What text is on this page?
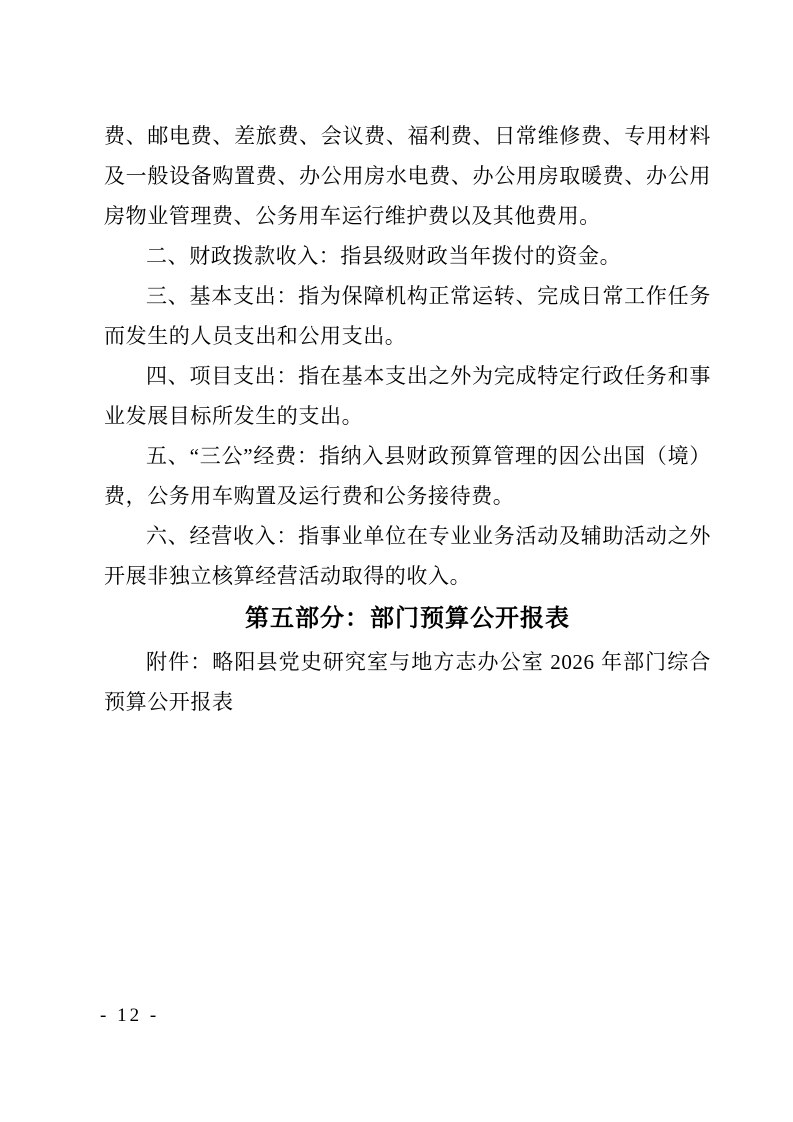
费、邮电费、差旅费、会议费、福利费、日常维修费、专用材料及一般设备购置费、办公用房水电费、办公用房取暖费、办公用房物业管理费、公务用车运行维护费以及其他费用。

二、财政拨款收入：指县级财政当年拨付的资金。

三、基本支出：指为保障机构正常运转、完成日常工作任务而发生的人员支出和公用支出。

四、项目支出：指在基本支出之外为完成特定行政任务和事业发展目标所发生的支出。

五、“三公”经费：指纳入县财政预算管理的因公出国（境）费，公务用车购置及运行费和公务接待费。

六、经营收入：指事业单位在专业业务活动及辅助活动之外开展非独立核算经营活动取得的收入。

第五部分：部门预算公开报表

附件：略阳县党史研究室与地方志办公室 2026 年部门综合预算公开报表

- 12 -
